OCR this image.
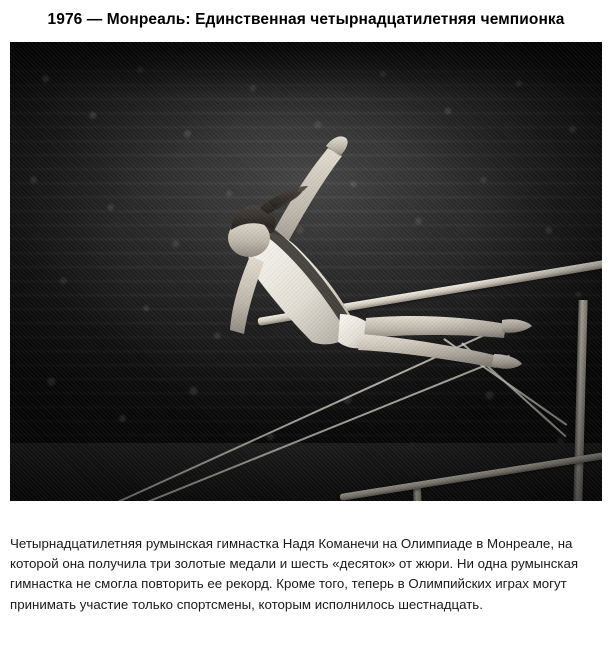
1976 — Монреаль: Единственная четырнадцатилетняя чемпионка
Четырнадцатилетняя румынская гимнастка Надя Команечи на Олимпиаде в Монреале, на которой она получила три золотые медали и шесть «десяток» от жюри. Ни одна румынская гимнастка не смогла повторить ее рекорд. Кроме того, теперь в Олимпийских играх могут принимать участие только спортсмены, которым исполнилось шестнадцать.
